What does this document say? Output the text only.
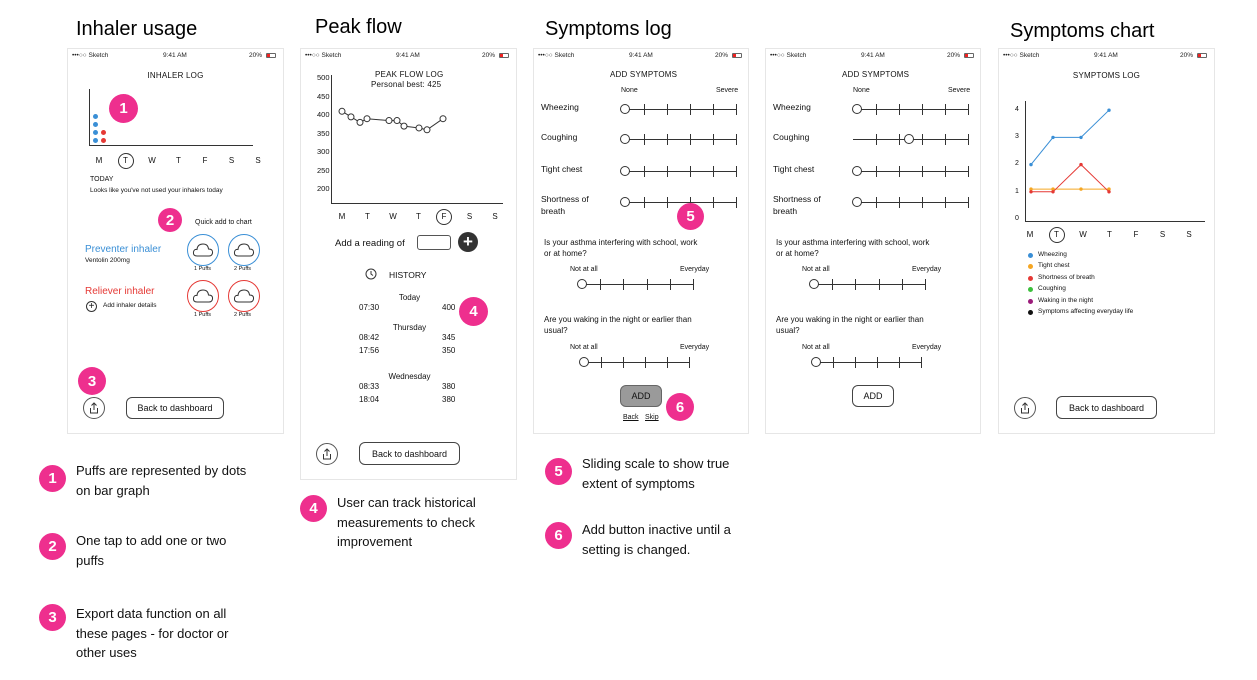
Inhaler usage	Peak flow	Symptoms log	Symptoms chart
•••○○ Sketch	9:41 AM	20%
INHALER LOG
M	T	W	T	F	S	S
TODAY
Looks like you've not used your inhalers today
Quick add to chart
Preventer inhaler
Ventolin 200mg
Reliever inhaler
+	Add inhaler details
1 Puffs	2 Puffs
1 Puffs	2 Puffs
Back to dashboard
•••○○ Sketch	9:41 AM	20%
PEAK FLOW LOG
Personal best: 425
500
450
400
350
300
250
200
M	T	W	T	F	S	S
Add a reading of	+
HISTORY
Today
07:30	400
Thursday
08:42	345
17:56	350
Wednesday
08:33	380
18:04	380
Back to dashboard
•••○○ Sketch	9:41 AM	20%
ADD SYMPTOMS
None	Severe
Wheezing
Coughing
Tight chest
Shortness of
breath
Is your asthma interfering with school, work
or at home?
Not at all	Everyday
Are you waking in the night or earlier than
usual?
Not at all	Everyday
ADD
Back Skip
•••○○ Sketch	9:41 AM	20%
ADD SYMPTOMS
None	Severe
Wheezing
Coughing
Tight chest
Shortness of
breath
Is your asthma interfering with school, work
or at home?
Not at all	Everyday
Are you waking in the night or earlier than
usual?
Not at all	Everyday
ADD
•••○○ Sketch	9:41 AM	20%
SYMPTOMS LOG
4
3
2
1
0
M	T	W	T	F	S	S
Wheezing
Tight chest
Shortness of breath
Coughing
Waking in the night
Symptoms affecting everyday life
Back to dashboard
1
2
3
4
5
6
1	Puffs are represented by dots on bar graph
2	One tap to add one or two puffs
3	Export data function on all these pages - for doctor or other uses
4	User can track historical measurements to check improvement
5	Sliding scale to show true extent of symptoms
6	Add button inactive until a setting is changed.
